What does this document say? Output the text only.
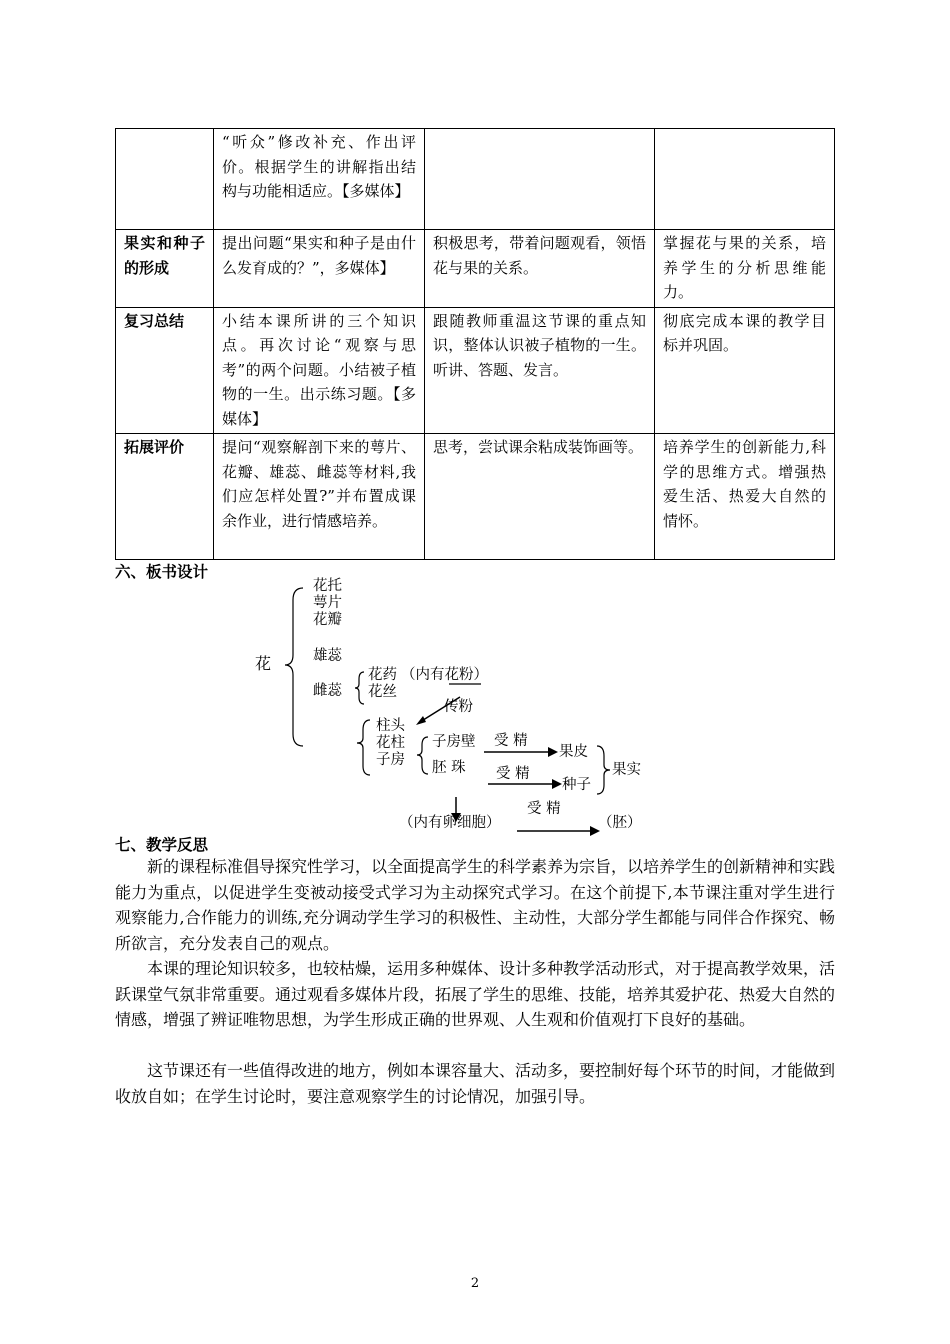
	“听众”修改补充、作出评价。根据学生的讲解指出结构与功能相适应。【多媒体】		
果实和种子的形成	提出问题“果实和种子是由什么发育成的？”，多媒体】	积极思考，带着问题观看，领悟花与果的关系。	掌握花与果的关系，培养学生的分析思维能力。
复习总结	小结本课所讲的三个知识点。再次讨论“观察与思考”的两个问题。小结被子植物的一生。出示练习题。【多媒体】	跟随教师重温这节课的重点知识，整体认识被子植物的一生。听讲、答题、发言。	彻底完成本课的教学目标并巩固。
拓展评价	提问“观察解剖下来的萼片、花瓣、雄蕊、雌蕊等材料,我们应怎样处置?”并布置成课余作业，进行情感培养。	思考，尝试课余粘成装饰画等。	培养学生的创新能力,科学的思维方式。增强热爱生活、热爱大自然的情怀。
六、板书设计
花
花托
萼片
花瓣
雄蕊
雌蕊
花药
花丝
（内有花粉）
传粉
柱头
花柱
子房
子房壁
胚 珠
受 精
受 精
受 精
果皮
种子
果实
（内有卵细胞）	（胚）
七、教学反思

新的课程标准倡导探究性学习，以全面提高学生的科学素养为宗旨，以培养学生的创新精神和实践能力为重点，以促进学生变被动接受式学习为主动探究式学习。在这个前提下,本节课注重对学生进行观察能力,合作能力的训练,充分调动学生学习的积极性、主动性，大部分学生都能与同伴合作探究、畅所欲言，充分发表自己的观点。

本课的理论知识较多，也较枯燥，运用多种媒体、设计多种教学活动形式，对于提高教学效果，活跃课堂气氛非常重要。通过观看多媒体片段，拓展了学生的思维、技能，培养其爱护花、热爱大自然的情感，增强了辨证唯物思想，为学生形成正确的世界观、人生观和价值观打下良好的基础。

这节课还有一些值得改进的地方，例如本课容量大、活动多，要控制好每个环节的时间，才能做到收放自如；在学生讨论时，要注意观察学生的讨论情况，加强引导。

2
